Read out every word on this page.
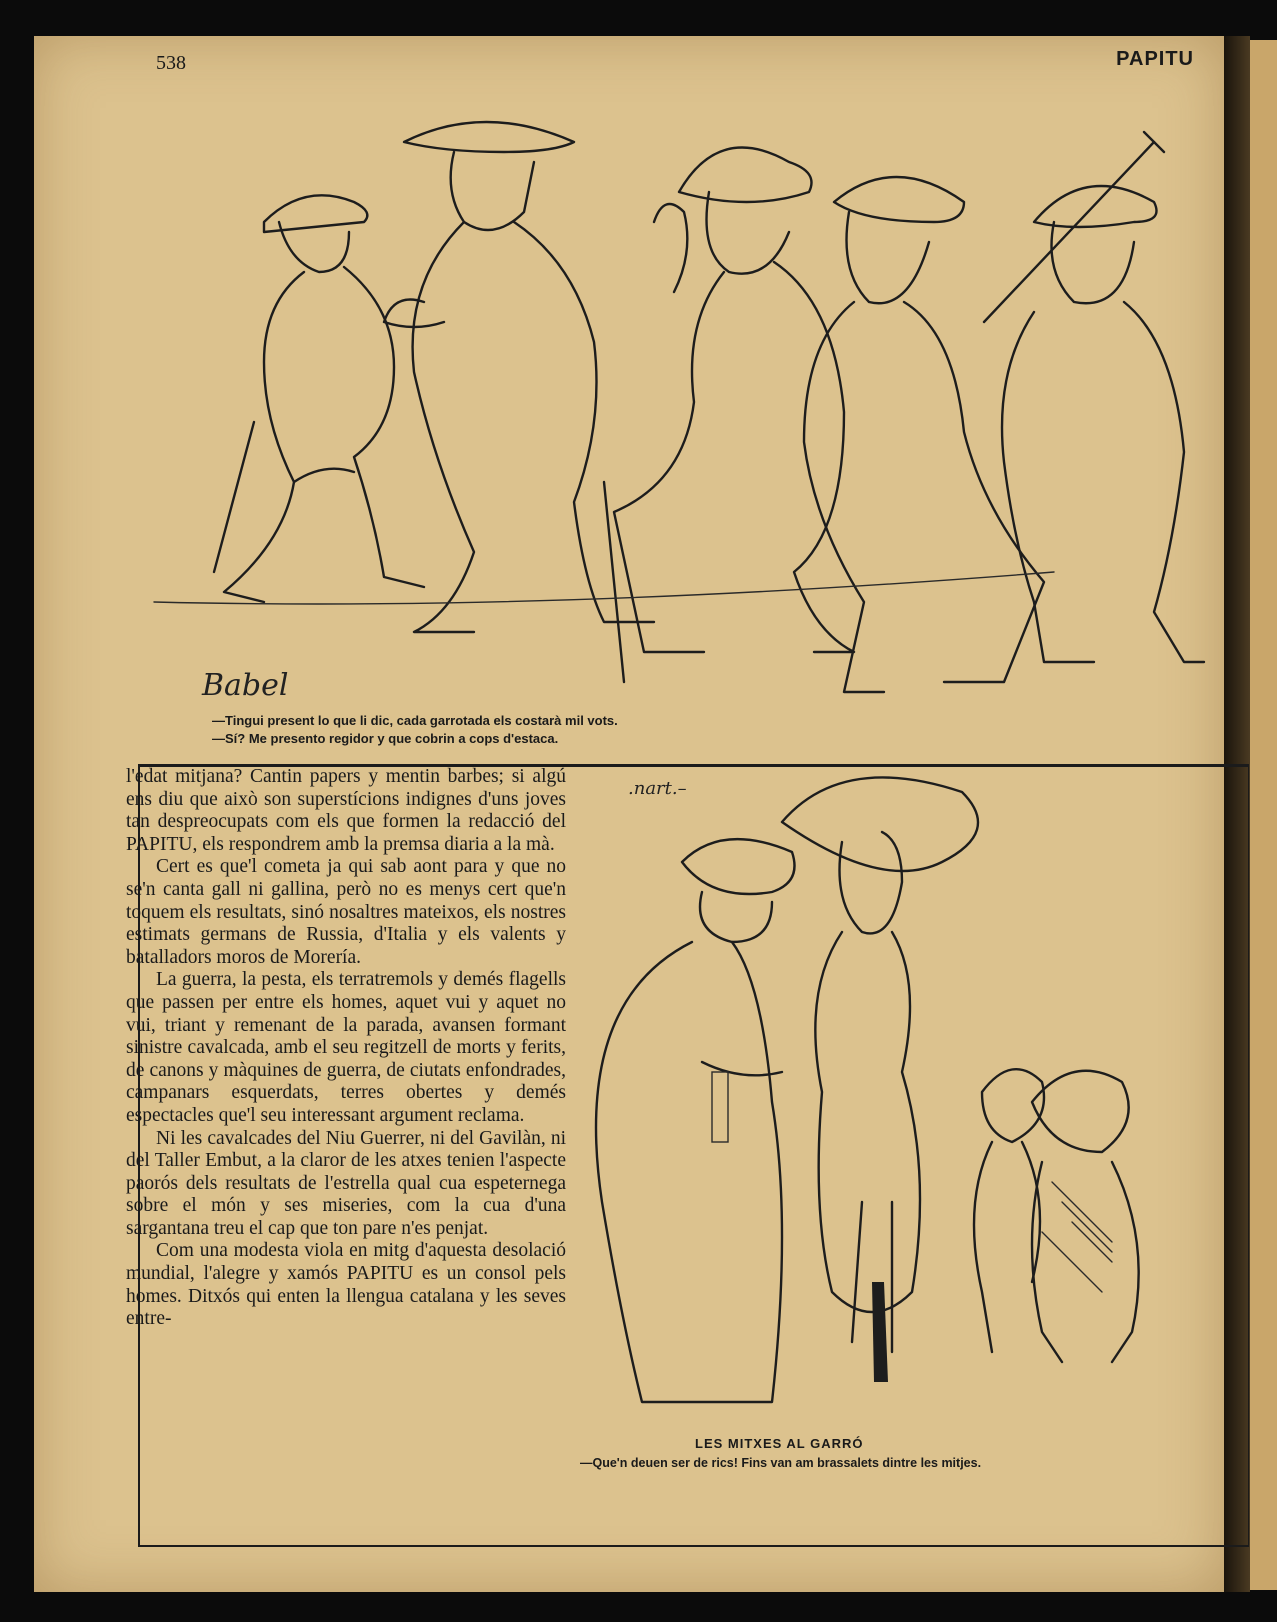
538	PAPITU
Babel
—Tingui present lo que li dic, cada garrotada els costarà mil vots.
—Sí? Me presento regidor y que cobrin a cops d'estaca.

l'edat mitjana? Cantin papers y mentin barbes; si algú ens diu que això son superstícions indignes d'uns joves tan despreocupats com els que formen la redacció del PAPITU, els respondrem amb la premsa diaria a la mà.

Cert es que'l cometa ja qui sab aont para y que no se'n canta gall ni gallina, però no es menys cert que'n toquem els resultats, sinó nosaltres mateixos, els nostres estimats germans de Russia, d'Italia y els valents y batalladors moros de Morería.

La guerra, la pesta, els terratremols y demés flagells que passen per entre els homes, aquet vui y aquet no vui, triant y remenant de la parada, avansen formant sinistre cavalcada, amb el seu regitzell de morts y ferits, de canons y màquines de guerra, de ciutats enfondrades, campanars esquerdats, terres obertes y demés espectacles que'l seu interessant argument reclama.

Ni les cavalcades del Niu Guerrer, ni del Gavilàn, ni del Taller Embut, a la claror de les atxes tenien l'aspecte paorós dels resultats de l'estrella qual cua espeternega sobre el món y ses miseries, com la cua d'una sargantana treu el cap que ton pare n'es penjat.

Com una modesta viola en mitg d'aquesta desolació mundial, l'alegre y xamós PAPITU es un consol pels homes. Ditxós qui enten la llengua catalana y les seves entre-

.nart.–
LES MITXES AL GARRÓ
—Que'n deuen ser de rics! Fins van am brassalets dintre les mitjes.
